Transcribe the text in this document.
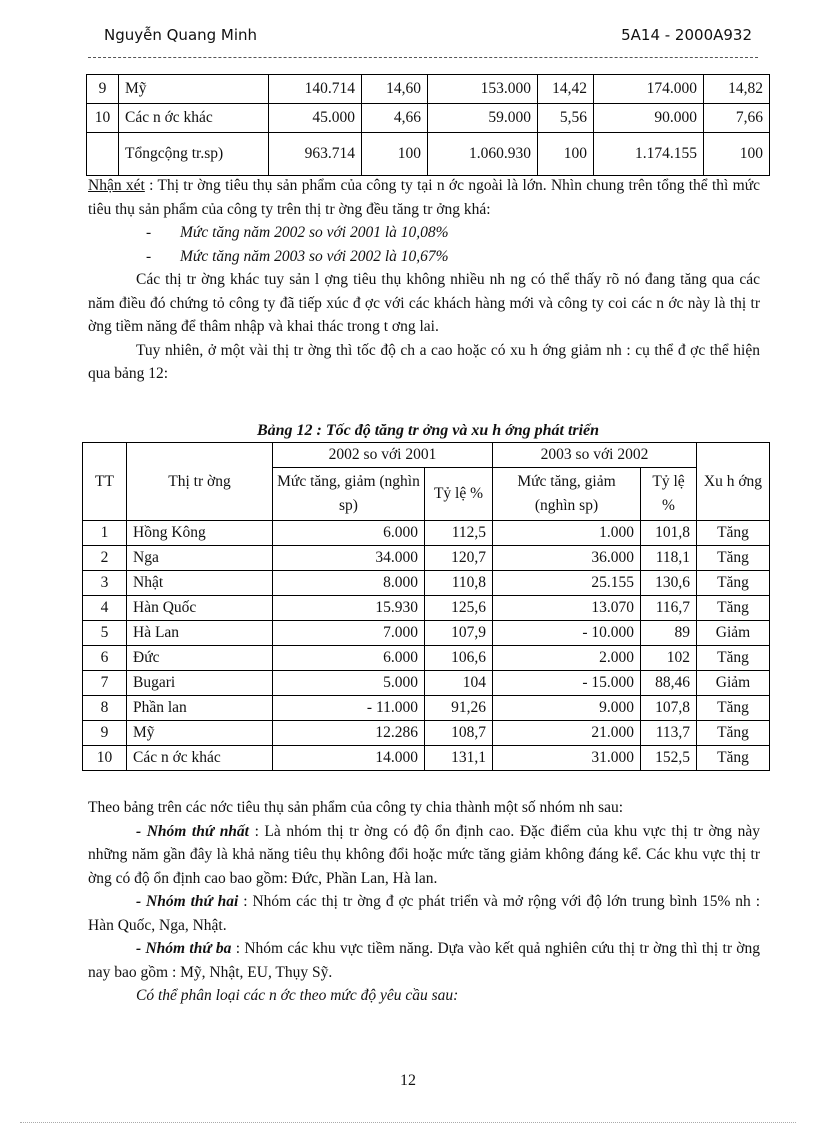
Nguyễn Quang Minh	5A14 - 2000A932
9	Mỹ	140.714	14,60	153.000	14,42	174.000	14,82
10	Các n ớc khác	45.000	4,66	59.000	5,56	90.000	7,66
	Tổngcộng tr.sp)	963.714	100	1.060.930	100	1.174.155	100

Nhận xét : Thị tr ờng tiêu thụ sản phẩm của công ty tại n ớc ngoài là lớn. Nhìn chung trên tổng thể thì mức tiêu thụ sản phẩm của công ty trên thị tr ờng đều tăng tr ởng khá:

- Mức tăng năm 2002 so với 2001 là 10,08%

- Mức tăng năm 2003 so với 2002 là 10,67%

Các thị tr ờng khác tuy sản l ợng tiêu thụ không nhiều nh ng có thể thấy rõ nó đang tăng qua các năm điều đó chứng tỏ công ty đã tiếp xúc đ ợc với các khách hàng mới và công ty coi các n ớc này là thị tr ờng tiềm năng để thâm nhập và khai thác trong t ơng lai.

Tuy nhiên, ở một vài thị tr ờng thì tốc độ ch a cao hoặc có xu h ớng giảm nh : cụ thể đ ợc thể hiện qua bảng 12:

Bảng 12 : Tốc độ tăng tr ởng và xu h ớng phát triển
TT	Thị tr ờng	2002 so với 2001		2003 so với 2002		Xu h ớng
		Mức tăng, giảm (nghìn sp)	Tỷ lệ %	Mức tăng, giảm (nghìn sp)	Tỷ lệ %	
1	Hồng Kông	6.000	112,5	1.000	101,8	Tăng
2	Nga	34.000	120,7	36.000	118,1	Tăng
3	Nhật	8.000	110,8	25.155	130,6	Tăng
4	Hàn Quốc	15.930	125,6	13.070	116,7	Tăng
5	Hà Lan	7.000	107,9	- 10.000	89	Giảm
6	Đức	6.000	106,6	2.000	102	Tăng
7	Bugari	5.000	104	- 15.000	88,46	Giảm
8	Phần lan	- 11.000	91,26	9.000	107,8	Tăng
9	Mỹ	12.286	108,7	21.000	113,7	Tăng
10	Các n ớc khác	14.000	131,1	31.000	152,5	Tăng

Theo bảng trên các nớc tiêu thụ sản phẩm của công ty chia thành một số nhóm nh sau:

- Nhóm thứ nhất : Là nhóm thị tr ờng có độ ổn định cao. Đặc điểm của khu vực thị tr ờng này những năm gần đây là khả năng tiêu thụ không đổi hoặc mức tăng giảm không đáng kể. Các khu vực thị tr ờng có độ ổn định cao bao gồm: Đức, Phần Lan, Hà lan.

- Nhóm thứ hai : Nhóm các thị tr ờng đ ợc phát triển và mở rộng với độ lớn trung bình 15% nh : Hàn Quốc, Nga, Nhật.

- Nhóm thứ ba : Nhóm các khu vực tiềm năng. Dựa vào kết quả nghiên cứu thị tr ờng thì thị tr ờng nay bao gồm : Mỹ, Nhật, EU, Thụy Sỹ.

Có thể phân loại các n ớc theo mức độ yêu cầu sau:

12
